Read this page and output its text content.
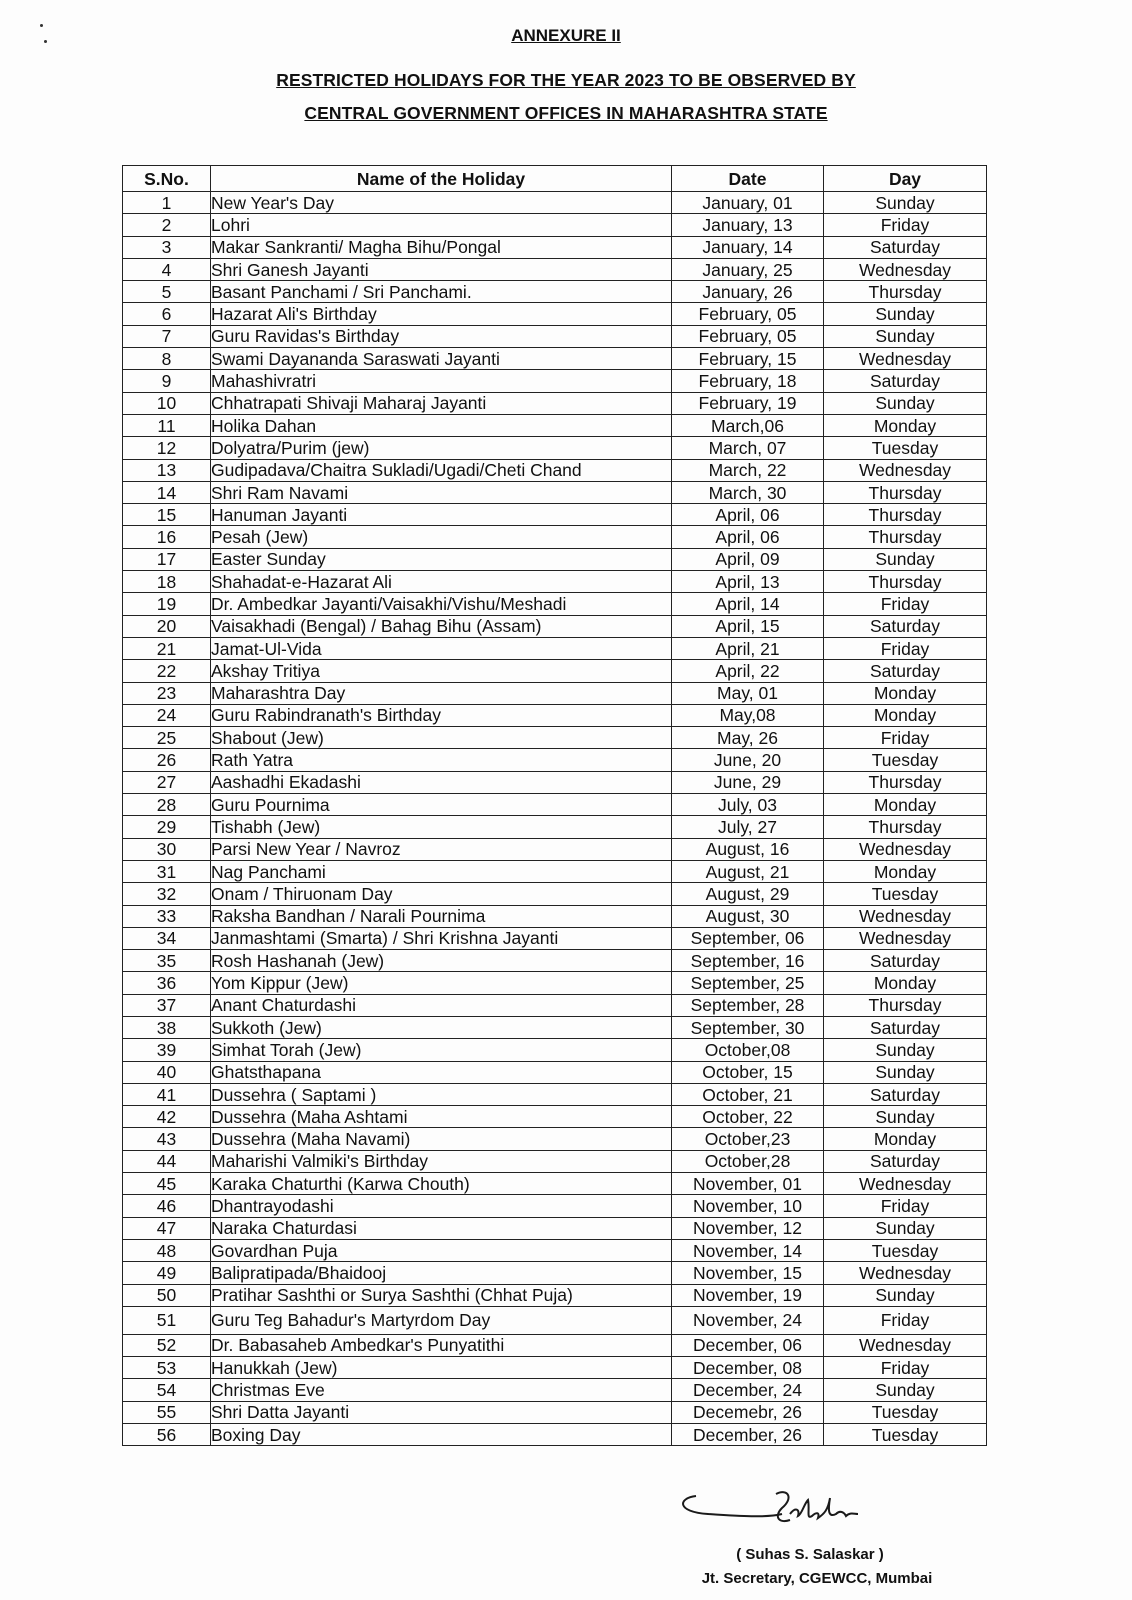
ANNEXURE II
RESTRICTED HOLIDAYS FOR THE YEAR 2023 TO BE OBSERVED BY
CENTRAL GOVERNMENT OFFICES IN MAHARASHTRA STATE
S.No.	Name of the Holiday	Date	Day
1	New Year's Day	January, 01	Sunday
2	Lohri	January, 13	Friday
3	Makar Sankranti/ Magha Bihu/Pongal	January, 14	Saturday
4	Shri Ganesh Jayanti	January, 25	Wednesday
5	Basant Panchami / Sri Panchami.	January, 26	Thursday
6	Hazarat Ali's Birthday	February, 05	Sunday
7	Guru Ravidas's Birthday	February, 05	Sunday
8	Swami Dayananda Saraswati Jayanti	February, 15	Wednesday
9	Mahashivratri	February, 18	Saturday
10	Chhatrapati Shivaji Maharaj Jayanti	February, 19	Sunday
11	Holika Dahan	March,06	Monday
12	Dolyatra/Purim (jew)	March, 07	Tuesday
13	Gudipadava/Chaitra Sukladi/Ugadi/Cheti Chand	March, 22	Wednesday
14	Shri Ram Navami	March, 30	Thursday
15	Hanuman Jayanti	April, 06	Thursday
16	Pesah (Jew)	April, 06	Thursday
17	Easter Sunday	April, 09	Sunday
18	Shahadat-e-Hazarat Ali	April, 13	Thursday
19	Dr. Ambedkar Jayanti/Vaisakhi/Vishu/Meshadi	April, 14	Friday
20	Vaisakhadi (Bengal) / Bahag Bihu (Assam)	April, 15	Saturday
21	Jamat-Ul-Vida	April, 21	Friday
22	Akshay Tritiya	April, 22	Saturday
23	Maharashtra Day	May, 01	Monday
24	Guru Rabindranath's Birthday	May,08	Monday
25	Shabout (Jew)	May, 26	Friday
26	Rath Yatra	June, 20	Tuesday
27	Aashadhi Ekadashi	June, 29	Thursday
28	Guru Pournima	July, 03	Monday
29	Tishabh (Jew)	July, 27	Thursday
30	Parsi New Year / Navroz	August, 16	Wednesday
31	Nag Panchami	August, 21	Monday
32	Onam / Thiruonam Day	August, 29	Tuesday
33	Raksha Bandhan / Narali Pournima	August, 30	Wednesday
34	Janmashtami (Smarta) / Shri Krishna Jayanti	September, 06	Wednesday
35	Rosh Hashanah (Jew)	September, 16	Saturday
36	Yom Kippur (Jew)	September, 25	Monday
37	Anant Chaturdashi	September, 28	Thursday
38	Sukkoth (Jew)	September, 30	Saturday
39	Simhat Torah (Jew)	October,08	Sunday
40	Ghatsthapana	October, 15	Sunday
41	Dussehra ( Saptami )	October, 21	Saturday
42	Dussehra (Maha Ashtami	October, 22	Sunday
43	Dussehra (Maha Navami)	October,23	Monday
44	Maharishi Valmiki's Birthday	October,28	Saturday
45	Karaka Chaturthi (Karwa Chouth)	November, 01	Wednesday
46	Dhantrayodashi	November, 10	Friday
47	Naraka Chaturdasi	November, 12	Sunday
48	Govardhan Puja	November, 14	Tuesday
49	Balipratipada/Bhaidooj	November, 15	Wednesday
50	Pratihar Sashthi or Surya Sashthi (Chhat Puja)	November, 19	Sunday
51	Guru Teg Bahadur's Martyrdom Day	November, 24	Friday
52	Dr. Babasaheb Ambedkar's Punyatithi	December, 06	Wednesday
53	Hanukkah (Jew)	December, 08	Friday
54	Christmas Eve	December, 24	Sunday
55	Shri Datta Jayanti	Decemebr, 26	Tuesday
56	Boxing Day	December, 26	Tuesday
( Suhas S. Salaskar )
Jt. Secretary, CGEWCC, Mumbai
